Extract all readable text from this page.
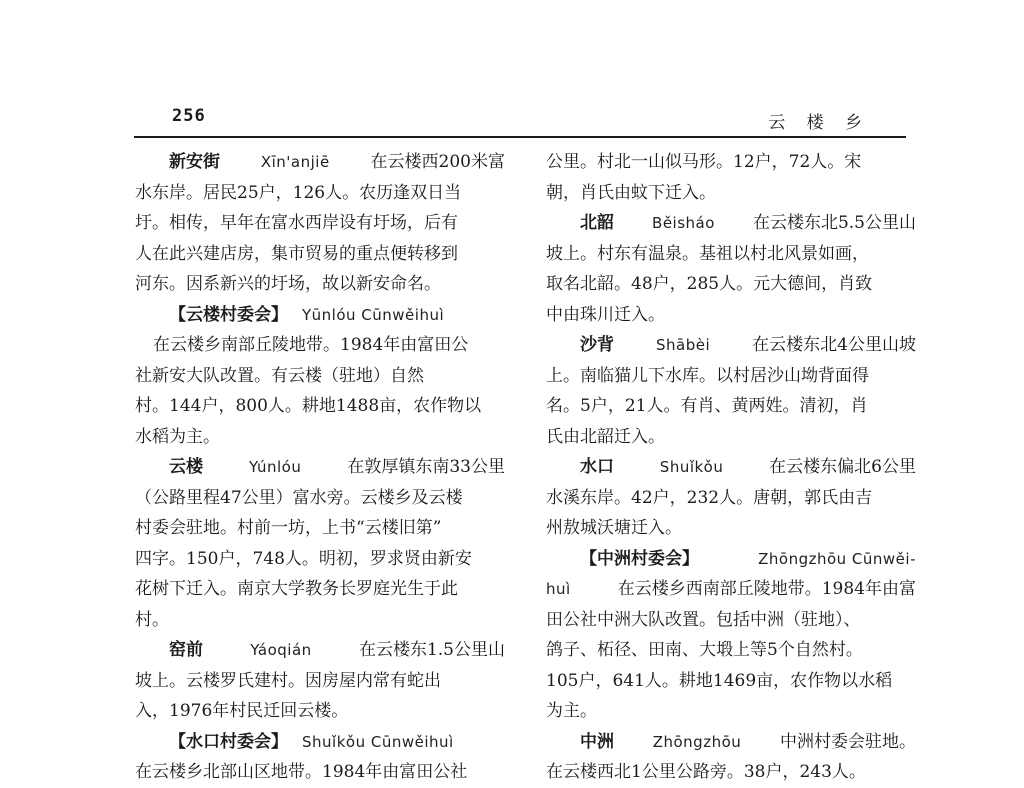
256	云 楼 乡
新安街	Xīn'anjiē 在云楼西200米富
水东岸。居民25户，126人。农历逢双日当
圩。相传，早年在富水西岸设有圩场，后有
人在此兴建店房，集市贸易的重点便转移到
河东。因系新兴的圩场，故以新安命名。
【云楼村委会】 Yūnlóu Cūnwěihuì
在云楼乡南部丘陵地带。1984年由富田公
社新安大队改置。有云楼（驻地）自然
村。144户，800人。耕地1488亩，农作物以
水稻为主。
云楼	Yúnlóu	在敦厚镇东南33公里
（公路里程47公里）富水旁。云楼乡及云楼
村委会驻地。村前一坊，上书“云楼旧第”
四字。150户，748人。明初，罗求贤由新安
花树下迁入。南京大学教务长罗庭光生于此
村。
窑前	Yáoqián	在云楼东1.5公里山
坡上。云楼罗氏建村。因房屋内常有蛇出
入，1976年村民迁回云楼。
【水口村委会】 Shuǐkǒu Cūnwěihuì
在云楼乡北部山区地带。1984年由富田公社
公里。村北一山似马形。12户，72人。宋
朝，肖氏由蚊下迁入。
北韶	Běisháo 在云楼东北5.5公里山
坡上。村东有温泉。基祖以村北风景如画，
取名北韶。48户，285人。元大德间，肖致
中由珠川迁入。
沙背	Shābèi 在云楼东北4公里山坡
上。南临猫儿下水库。以村居沙山坳背面得
名。5户，21人。有肖、黄两姓。清初，肖
氏由北韶迁入。
水口	Shuǐkǒu	在云楼东偏北6公里
水溪东岸。42户，232人。唐朝，郭氏由吉
州敖城沃塘迁入。
【中洲村委会】	Zhōngzhōu Cūnwěi-
huì	在云楼乡西南部丘陵地带。1984年由富
田公社中洲大队改置。包括中洲（驻地）、
鸽子、柘径、田南、大塅上等5个自然村。
105户，641人。耕地1469亩，农作物以水稻
为主。
中洲	Zhōngzhōu 中洲村委会驻地。
在云楼西北1公里公路旁。38户，243人。
